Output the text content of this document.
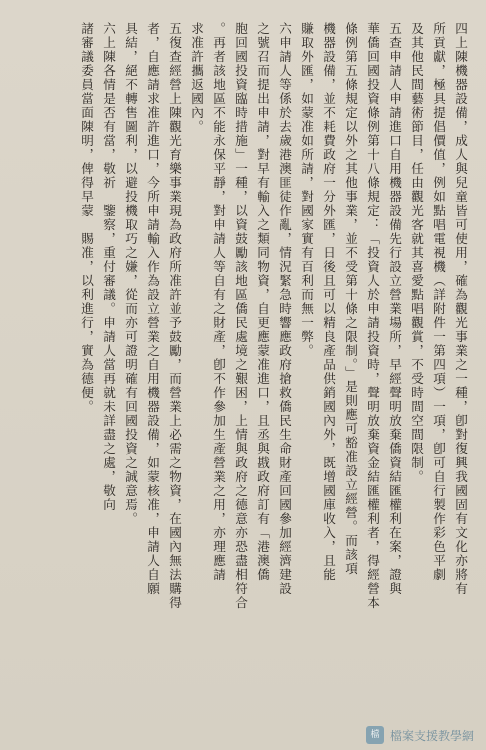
四上陳機器設備，成人與兒童皆可使用，確為觀光事業之一種，卽對復興我國固有文化亦將有
所貢獻，極具提倡價值，例如點唱電視機（詳附件一第四項）一項，卽可自行製作彩色平劇
及其他民間藝術節目，任由觀光客就其喜愛點唱觀賞，不受時間空間限制。
五查申請人申請進口自用機器設備先行設立營業場所，早經聲明放棄僑資結匯權利在案，證與
華僑回國投資條例第十八條規定：「投資人於申請投資時，聲明放棄資金結匯權利者，得經營本
條例第五條規定以外之其他事業，並不受第十條之限制。」是則應可豁准設立經營。而該項
機器設備，並不耗費政府一分外匯，日後且可以精良產品供銷國內外，既增國庫收入，且能
賺取外匯，如蒙准如所請，對國家實有百利而無一弊。
六申請人等係於去歲港澳匪徒作亂，情況緊急時響應政府搶救僑民生命財產回國參加經濟建設
之號召而提出申請，對早有輸入之類同物資，自更應蒙准進口，且丞與戡政府訂有「港澳僑
胞回國投資臨時措施」一種，以資鼓勵該地區僑民處境之艱困，上情與政府之德意亦恐盡相符合
。再者該地區不能永保平靜，對申請人等自有之財產，卽不作參加生產營業之用，亦理應請
求准許攜返國內。
五復查經營上陳觀光育樂事業現為政府所准許並予鼓勵，而營業上必需之物資，在國內無法購得
者，自應請求准許進口，今所申請輸入作為設立營業之自用機器設備，如蒙核准，申請人自願
具結，絕不轉售圖利，以避投機取巧之嫌，從而亦可證明確有回國投資之誠意焉。
六上陳各情是否有當，敬祈　鑒察，重付審議。申請人當再就未詳盡之處，敬向
諸審議委員當面陳明，俾得早蒙　賜准，以利進行，實為德便。
檔 檔案支援教學網
